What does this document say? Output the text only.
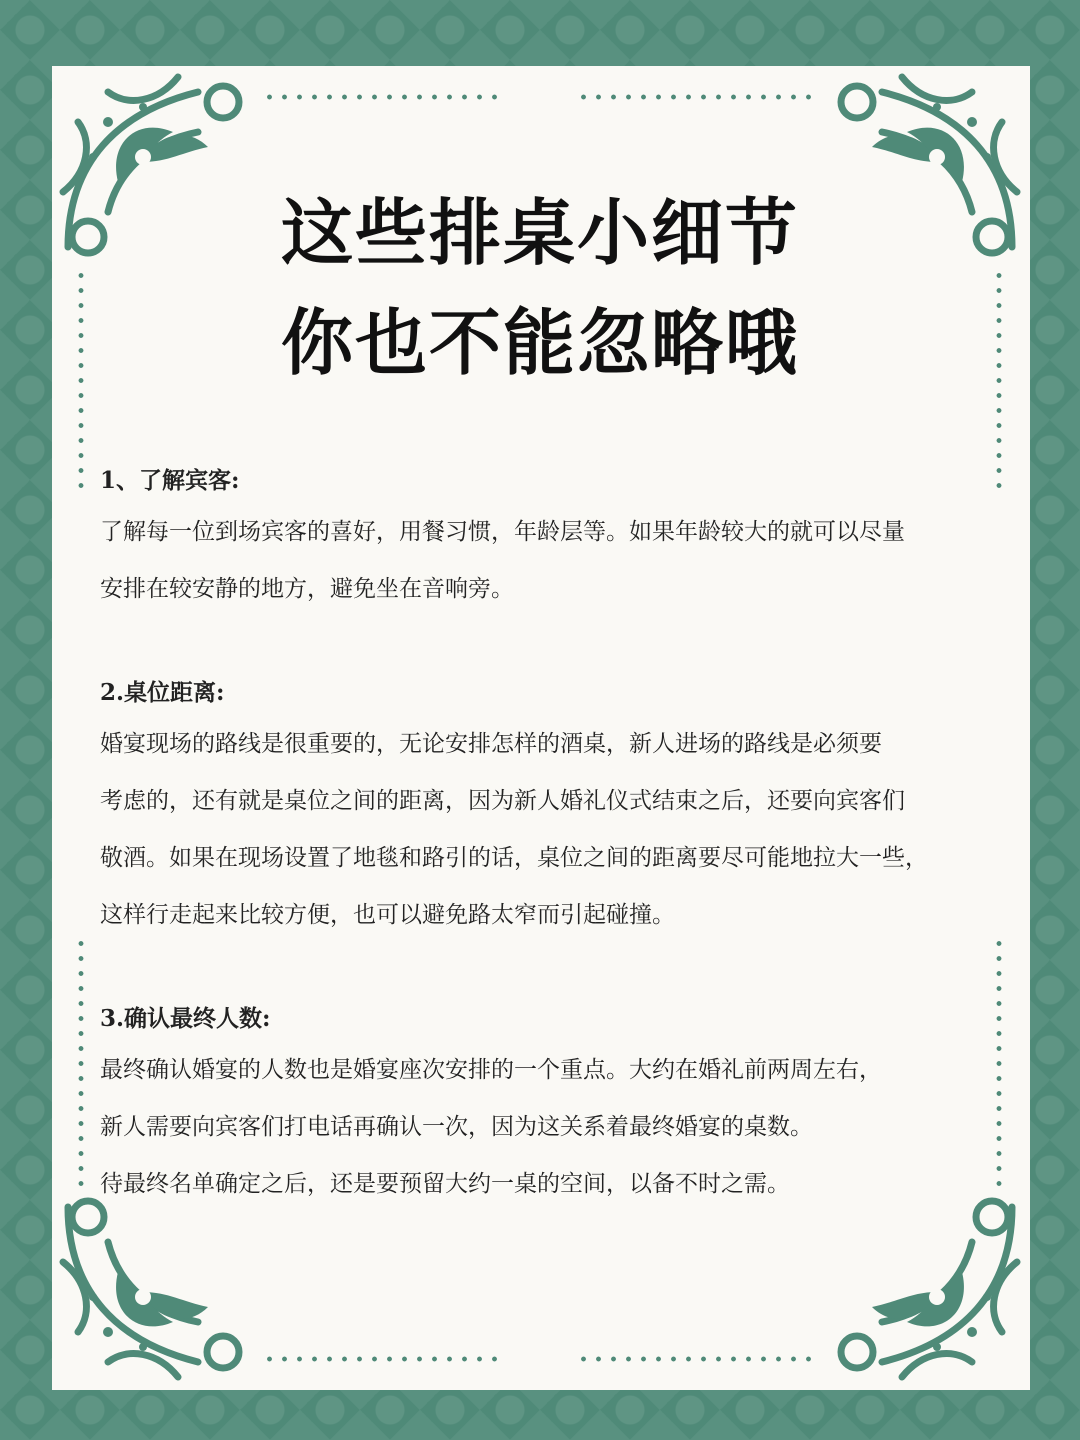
这些排桌小细节
你也不能忽略哦

1、了解宾客:

了解每一位到场宾客的喜好，用餐习惯，年龄层等。如果年龄较大的就可以尽量

安排在较安静的地方，避免坐在音响旁。

2.桌位距离:

婚宴现场的路线是很重要的，无论安排怎样的酒桌，新人进场的路线是必须要

考虑的，还有就是桌位之间的距离，因为新人婚礼仪式结束之后，还要向宾客们

敬酒。如果在现场设置了地毯和路引的话，桌位之间的距离要尽可能地拉大一些，

这样行走起来比较方便，也可以避免路太窄而引起碰撞。

3.确认最终人数:

最终确认婚宴的人数也是婚宴座次安排的一个重点。大约在婚礼前两周左右，

新人需要向宾客们打电话再确认一次，因为这关系着最终婚宴的桌数。

待最终名单确定之后，还是要预留大约一桌的空间，以备不时之需。
